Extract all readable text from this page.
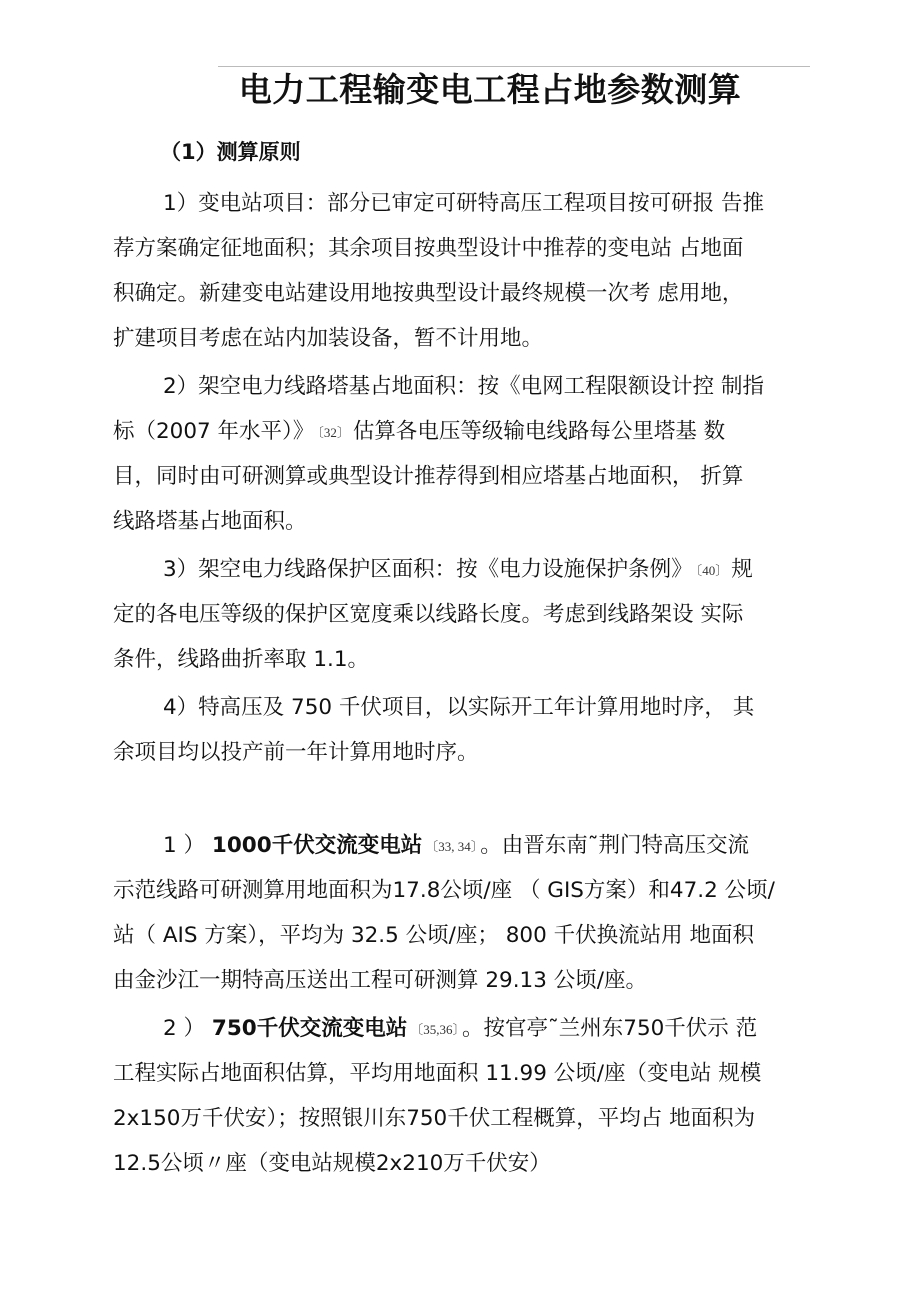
电力工程输变电工程占地参数测算
（1）测算原则
1）变电站项目：部分已审定可研特高压工程项目按可研报 告推
荐方案确定征地面积；其余项目按典型设计中推荐的变电站 占地面
积确定。新建变电站建设用地按典型设计最终规模一次考 虑用地，
扩建项目考虑在站内加装设备，暂不计用地。
2）架空电力线路塔基占地面积：按《电网工程限额设计控 制指
标（2007 年水平）》 〔32〕 估算各电压等级输电线路每公里塔基 数
目，同时由可研测算或典型设计推荐得到相应塔基占地面积， 折算
线路塔基占地面积。
3）架空电力线路保护区面积：按《电力设施保护条例》 〔40〕 规
定的各电压等级的保护区宽度乘以线路长度。考虑到线路架设 实际
条件，线路曲折率取 1.1。
4）特高压及 750 千伏项目，以实际开工年计算用地时序， 其
余项目均以投产前一年计算用地时序。
1 ） 1000千伏交流变电站 〔33, 34〕 。由晋东南˜荆门特高压交流
示范线路可研测算用地面积为17.8公顷/座 （ GIS方案）和47.2 公顷/
站（ AIS 方案），平均为 32.5 公顷/座； 800 千伏换流站用 地面积
由金沙江一期特高压送出工程可研测算 29.13 公顷/座。
2 ） 750千伏交流变电站 〔35,36〕 。按官亭˜兰州东750千伏示 范
工程实际占地面积估算，平均用地面积 11.99 公顷/座（变电站 规模
2x150万千伏安）；按照银川东750千伏工程概算，平均占 地面积为
12.5公顷〃座（变电站规模2x210万千伏安）
